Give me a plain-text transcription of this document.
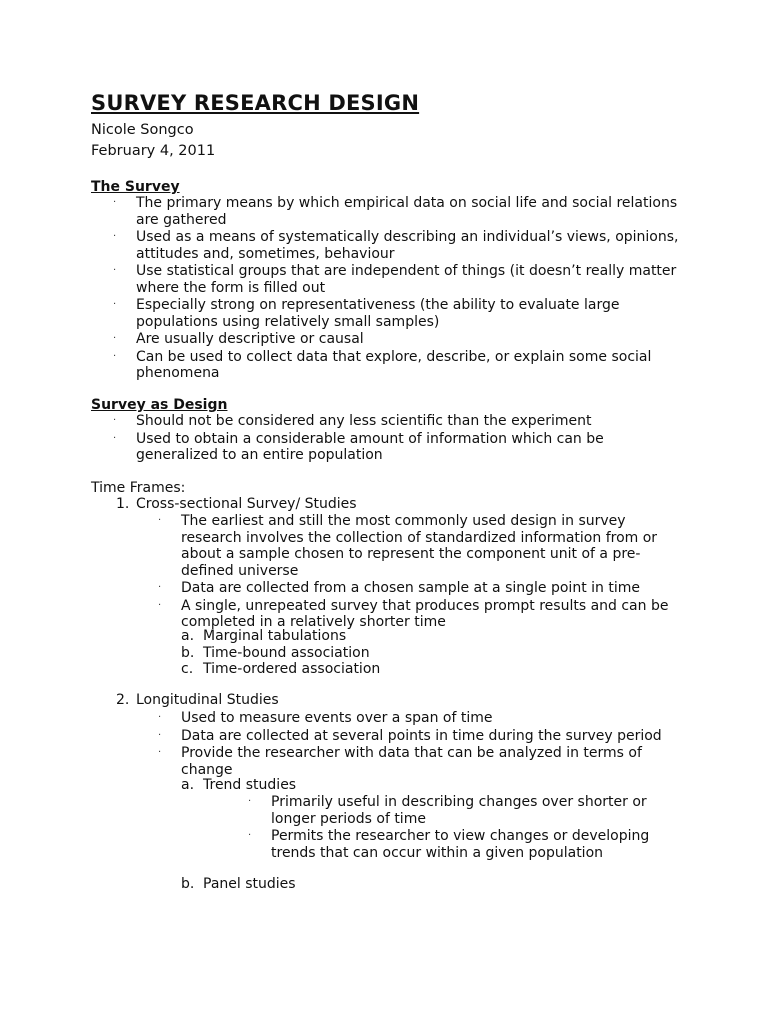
SURVEY RESEARCH DESIGN
Nicole Songco
February 4, 2011
The Survey
· The primary means by which empirical data on social life and social relations are gathered
· Used as a means of systematically describing an individual’s views, opinions, attitudes and, sometimes, behaviour
· Use statistical groups that are independent of things (it doesn’t really matter where the form is filled out
· Especially strong on representativeness (the ability to evaluate large populations using relatively small samples)
· Are usually descriptive or causal
· Can be used to collect data that explore, describe, or explain some social phenomena
Survey as Design
· Should not be considered any less scientific than the experiment
· Used to obtain a considerable amount of information which can be generalized to an entire population
Time Frames:
1. Cross-sectional Survey/ Studies
· The earliest and still the most commonly used design in survey research involves the collection of standardized information from or about a sample chosen to represent the component unit of a pre-defined universe
· Data are collected from a chosen sample at a single point in time
· A single, unrepeated survey that produces prompt results and can be completed in a relatively shorter time
a. Marginal tabulations
b. Time-bound association
c. Time-ordered association
2. Longitudinal Studies
· Used to measure events over a span of time
· Data are collected at several points in time during the survey period
· Provide the researcher with data that can be analyzed in terms of change
a. Trend studies
· Primarily useful in describing changes over shorter or longer periods of time
· Permits the researcher to view changes or developing trends that can occur within a given population
b. Panel studies
